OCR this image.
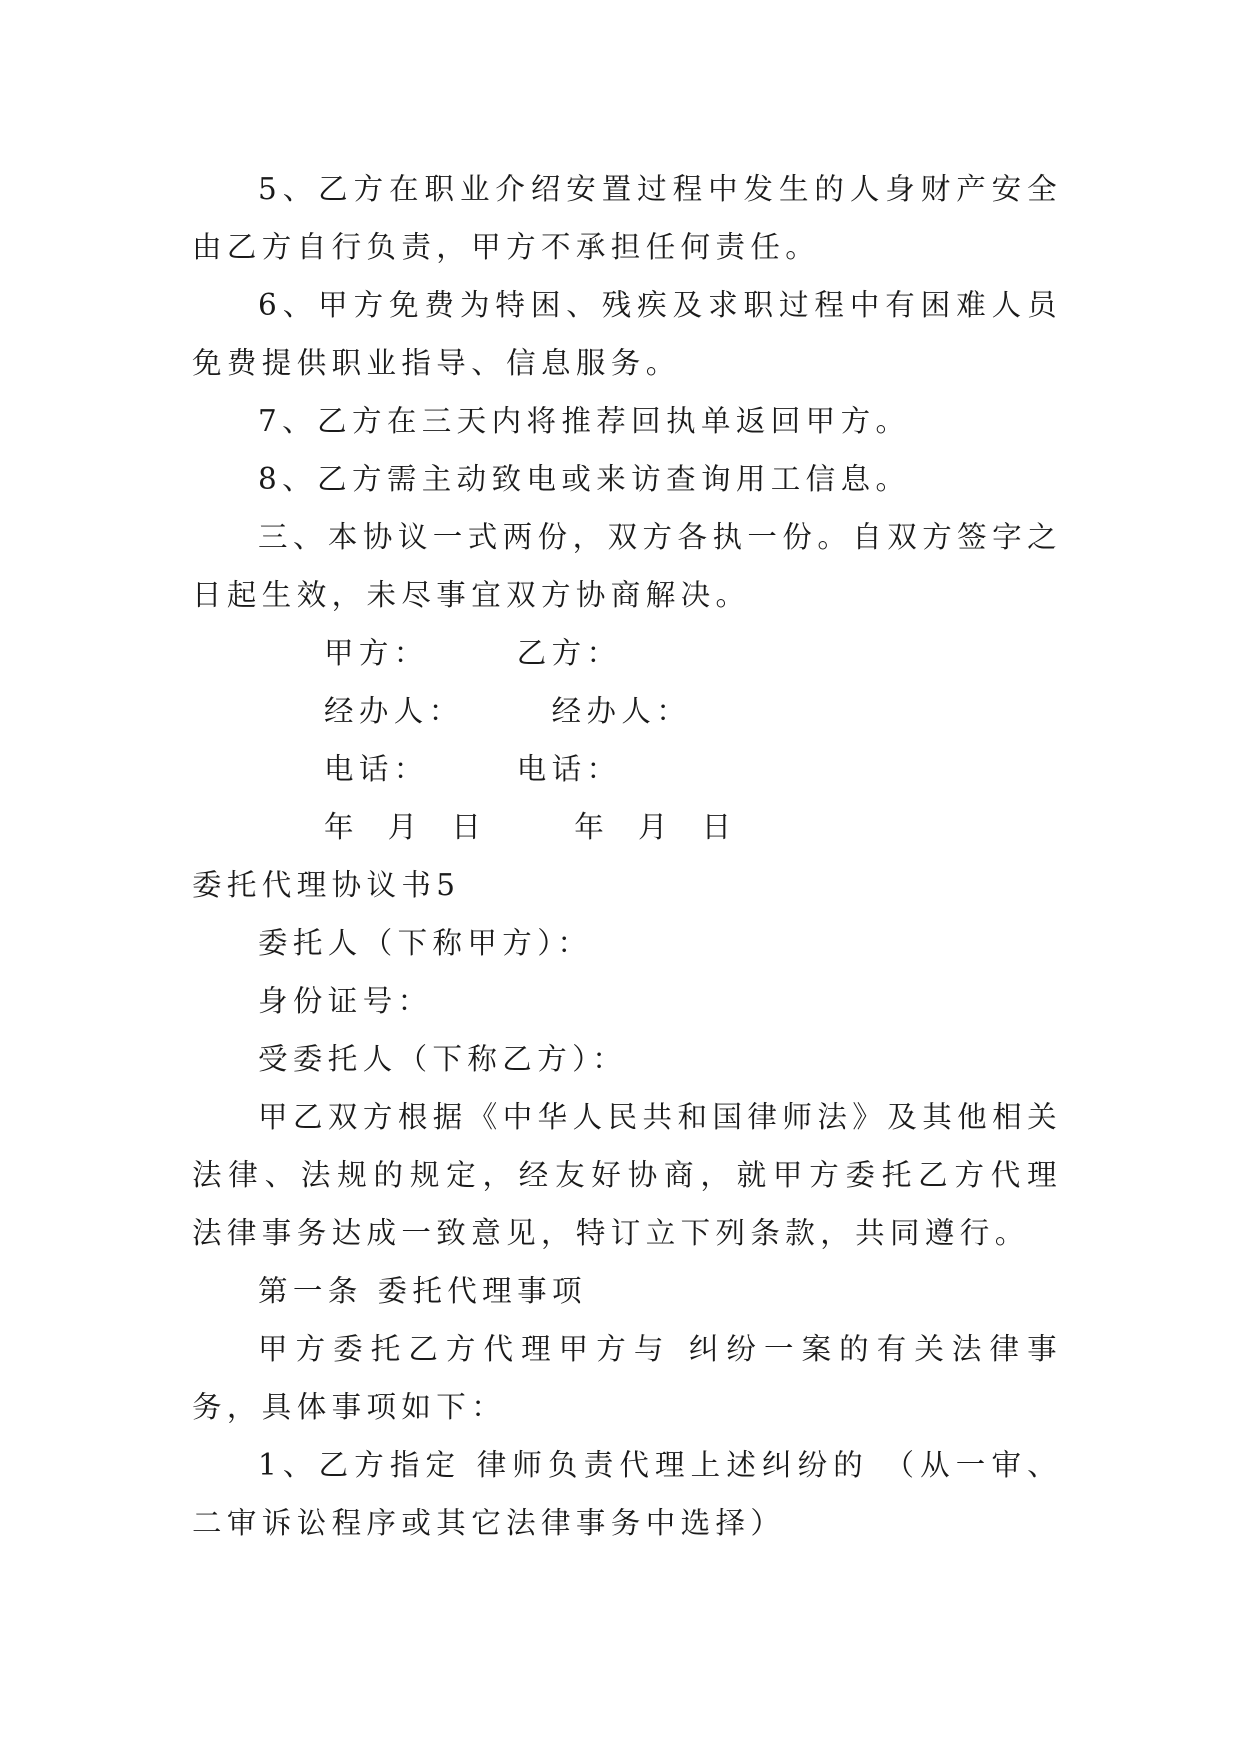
5、乙方在职业介绍安置过程中发生的人身财产安全由乙方自行负责，甲方不承担任何责任。

6、甲方免费为特困、残疾及求职过程中有困难人员免费提供职业指导、信息服务。

7、乙方在三天内将推荐回执单返回甲方。

8、乙方需主动致电或来访查询用工信息。

三、本协议一式两份，双方各执一份。自双方签字之日起生效，未尽事宜双方协商解决。

甲方：	乙方：

经办人：	经办人：

电话：	电话：

年 月 日	年 月 日

委托代理协议书5

委托人（下称甲方）：

身份证号：

受委托人（下称乙方）：

甲乙双方根据《中华人民共和国律师法》及其他相关法律、法规的规定，经友好协商，就甲方委托乙方代理法律事务达成一致意见，特订立下列条款，共同遵行。

第一条 委托代理事项

甲方委托乙方代理甲方与 纠纷一案的有关法律事务，具体事项如下：

1、乙方指定 律师负责代理上述纠纷的 （从一审、二审诉讼程序或其它法律事务中选择）
